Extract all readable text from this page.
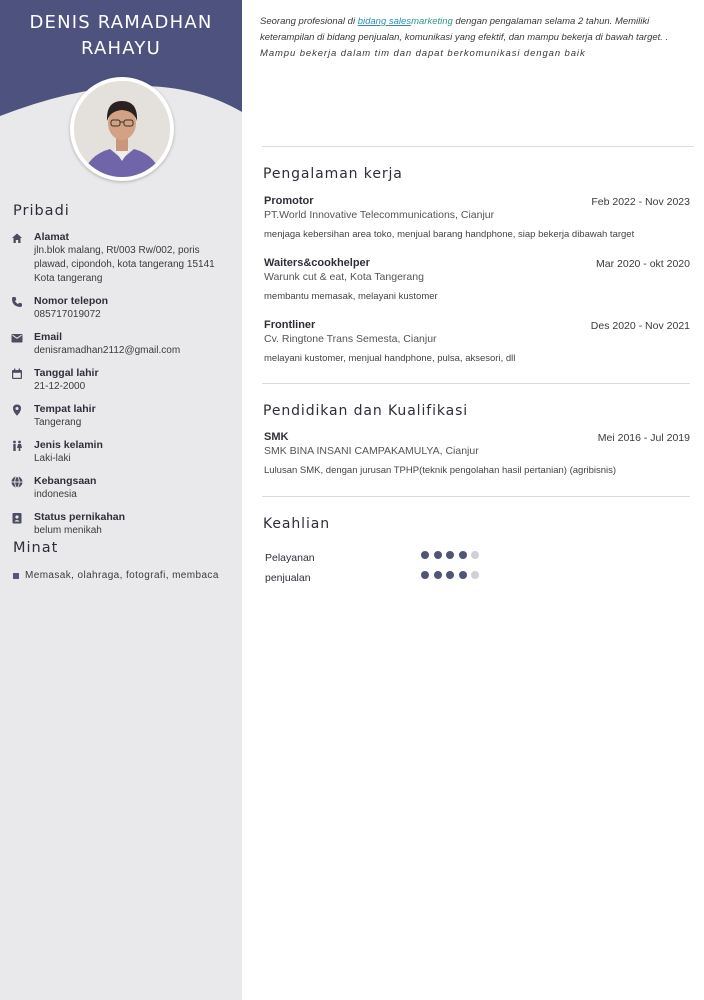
DENIS RAMADHAN
RAHAYU
Pribadi
Alamat
jln.blok malang, Rt/003 Rw/002, poris plawad, cipondoh, kota tangerang 15141 Kota tangerang
Nomor telepon
085717019072
Email
denisramadhan2112@gmail.com
Tanggal lahir
21-12-2000
Tempat lahir
Tangerang
Jenis kelamin
Laki-laki
Kebangsaan
indonesia
Status pernikahan
belum menikah
Minat
Memasak, olahraga, fotografi, membaca
Seorang profesional di bidang salesmarketing dengan pengalaman selama 2 tahun. Memiliki keterampilan di bidang penjualan, komunikasi yang efektif, dan mampu bekerja di bawah target. .
Mampu bekerja dalam tim dan dapat berkomunikasi dengan baik
Pengalaman kerja
Promotor	Feb 2022 - Nov 2023
PT.World Innovative Telecommunications, Cianjur
menjaga kebersihan area toko, menjual barang handphone, siap bekerja dibawah target
Waiters&cookhelper	Mar 2020 - okt 2020
Warunk cut & eat, Kota Tangerang
membantu memasak, melayani kustomer
Frontliner	Des 2020 - Nov 2021
Cv. Ringtone Trans Semesta, Cianjur
melayani kustomer, menjual handphone, pulsa, aksesori, dll
Pendidikan dan Kualifikasi
SMK	Mei 2016 - Jul 2019
SMK BINA INSANI CAMPAKAMULYA, Cianjur
Lulusan SMK, dengan jurusan TPHP(teknik pengolahan hasil pertanian) (agribisnis)
Keahlian
Pelayanan
penjualan
